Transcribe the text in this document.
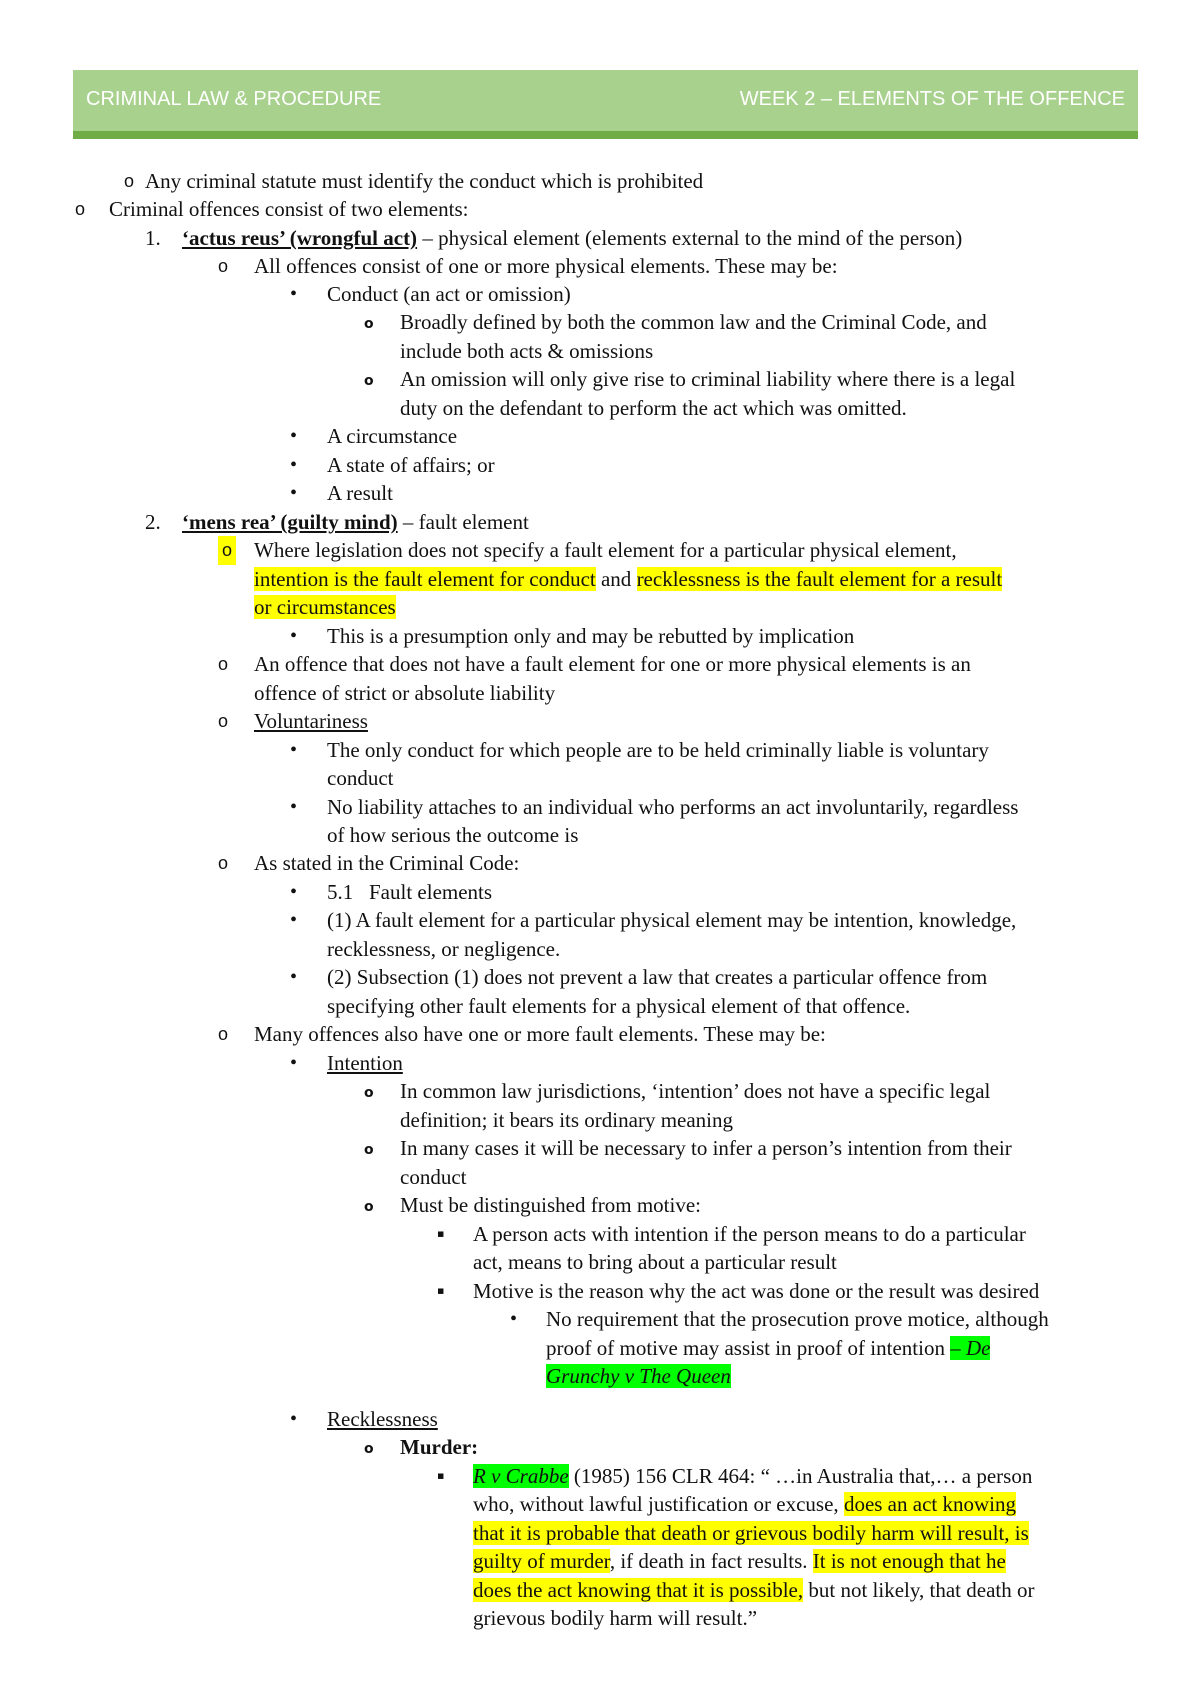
CRIMINAL LAW & PROCEDURE	WEEK 2 – ELEMENTS OF THE OFFENCE
o Any criminal statute must identify the conduct which is prohibited
o Criminal offences consist of two elements:
1. ‘actus reus’ (wrongful act) – physical element (elements external to the mind of the person)
o All offences consist of one or more physical elements. These may be:
• Conduct (an act or omission)
o Broadly defined by both the common law and the Criminal Code, and
include both acts & omissions
o An omission will only give rise to criminal liability where there is a legal
duty on the defendant to perform the act which was omitted.
• A circumstance
• A state of affairs; or
• A result
2. ‘mens rea’ (guilty mind) – fault element
o Where legislation does not specify a fault element for a particular physical element,
intention is the fault element for conduct and recklessness is the fault element for a result
or circumstances
• This is a presumption only and may be rebutted by implication
o An offence that does not have a fault element for one or more physical elements is an
offence of strict or absolute liability
o Voluntariness
• The only conduct for which people are to be held criminally liable is voluntary
conduct
• No liability attaches to an individual who performs an act involuntarily, regardless
of how serious the outcome is
o As stated in the Criminal Code:
• 5.1   Fault elements
• (1) A fault element for a particular physical element may be intention, knowledge,
recklessness, or negligence.
• (2) Subsection (1) does not prevent a law that creates a particular offence from
specifying other fault elements for a physical element of that offence.
o Many offences also have one or more fault elements. These may be:
• Intention
o In common law jurisdictions, ‘intention’ does not have a specific legal
definition; it bears its ordinary meaning
o In many cases it will be necessary to infer a person’s intention from their
conduct
o Must be distinguished from motive:
▪ A person acts with intention if the person means to do a particular
act, means to bring about a particular result
▪ Motive is the reason why the act was done or the result was desired
• No requirement that the prosecution prove motice, although
proof of motive may assist in proof of intention – De
Grunchy v The Queen
• Recklessness
o Murder:
▪ R v Crabbe (1985) 156 CLR 464: “ …in Australia that,… a person
who, without lawful justification or excuse, does an act knowing
that it is probable that death or grievous bodily harm will result, is
guilty of murder, if death in fact results. It is not enough that he
does the act knowing that it is possible, but not likely, that death or
grievous bodily harm will result.”
